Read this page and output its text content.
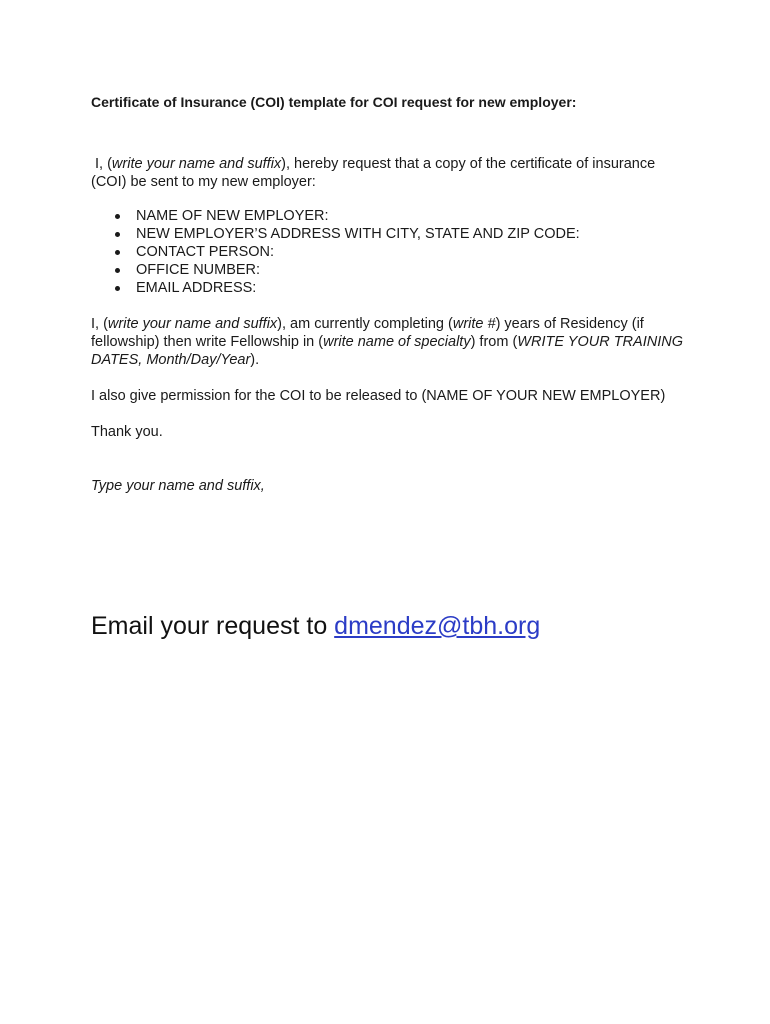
Certificate of Insurance (COI) template for COI request for new employer:

I, (write your name and suffix), hereby request that a copy of the certificate of insurance (COI) be sent to my new employer:

NAME OF NEW EMPLOYER:
NEW EMPLOYER’S ADDRESS WITH CITY, STATE AND ZIP CODE:
CONTACT PERSON:
OFFICE NUMBER:
EMAIL ADDRESS:

I, (write your name and suffix), am currently completing (write #) years of Residency (if fellowship) then write Fellowship in (write name of specialty) from (WRITE YOUR TRAINING DATES, Month/Day/Year).

I also give permission for the COI to be released to (NAME OF YOUR NEW EMPLOYER)

Thank you.

Type your name and suffix,

Email your request to dmendez@tbh.org
